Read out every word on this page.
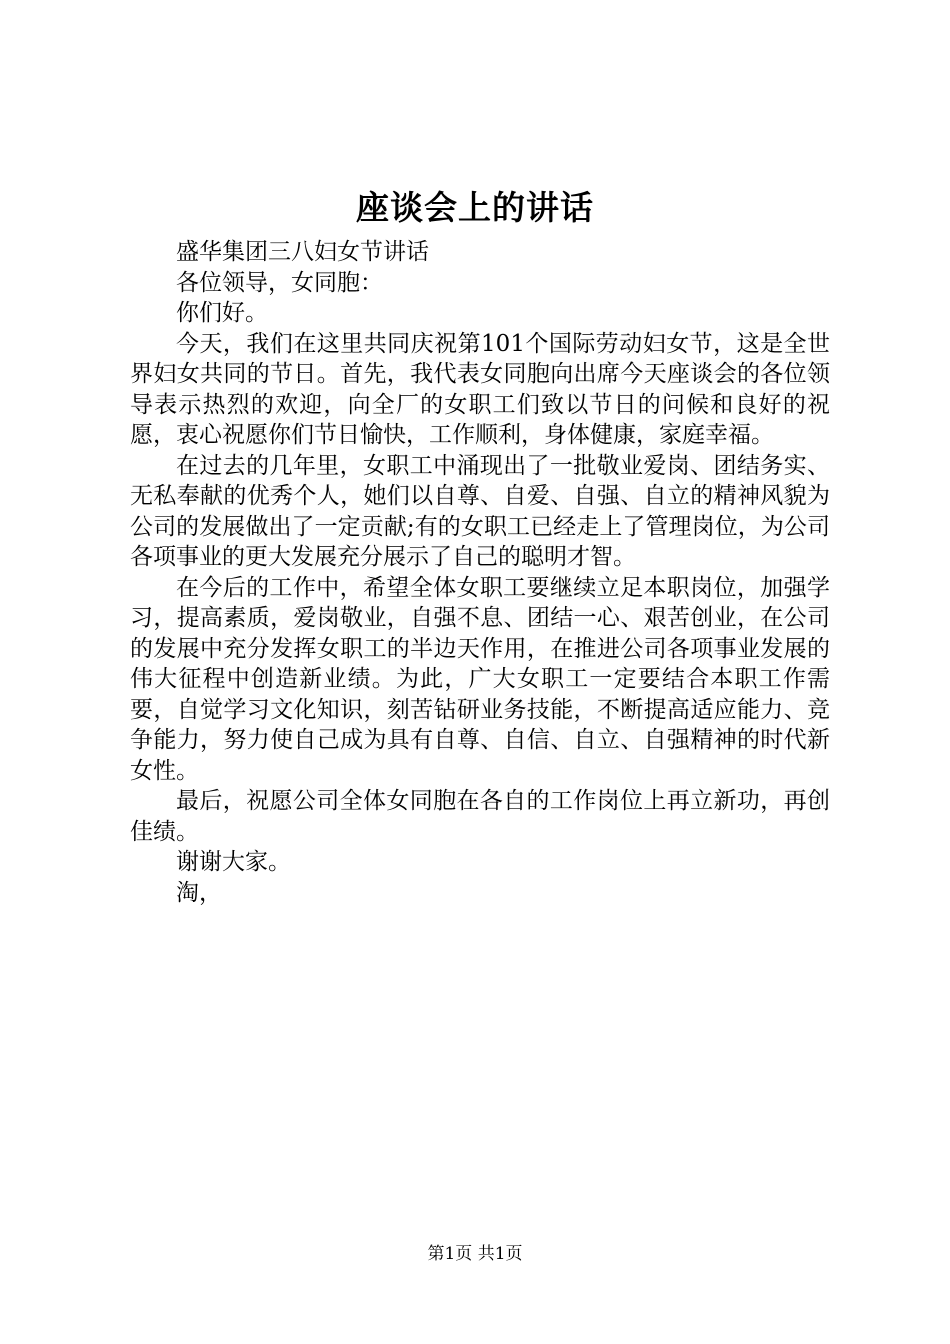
座谈会上的讲话

盛华集团三八妇女节讲话

各位领导，女同胞：

你们好。

今天，我们在这里共同庆祝第101个国际劳动妇女节，这是全世界妇女共同的节日。首先，我代表女同胞向出席今天座谈会的各位领导表示热烈的欢迎，向全厂的女职工们致以节日的问候和良好的祝愿，衷心祝愿你们节日愉快，工作顺利，身体健康，家庭幸福。

在过去的几年里，女职工中涌现出了一批敬业爱岗、团结务实、无私奉献的优秀个人，她们以自尊、自爱、自强、自立的精神风貌为公司的发展做出了一定贡献;有的女职工已经走上了管理岗位，为公司各项事业的更大发展充分展示了自己的聪明才智。

在今后的工作中，希望全体女职工要继续立足本职岗位，加强学习，提高素质，爱岗敬业，自强不息、团结一心、艰苦创业，在公司的发展中充分发挥女职工的半边天作用，在推进公司各项事业发展的伟大征程中创造新业绩。为此，广大女职工一定要结合本职工作需要，自觉学习文化知识，刻苦钻研业务技能，不断提高适应能力、竞争能力，努力使自己成为具有自尊、自信、自立、自强精神的时代新女性。

最后，祝愿公司全体女同胞在各自的工作岗位上再立新功，再创佳绩。

谢谢大家。

淘，

第1页 共1页
